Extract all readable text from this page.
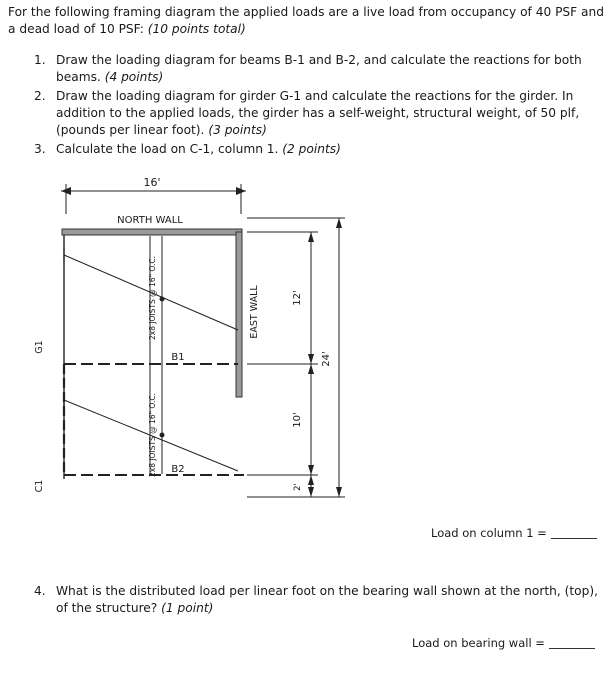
For the following framing diagram the applied loads are a live load from occupancy of 40 PSF and a dead load of 10 PSF: (10 points total)
1. Draw the loading diagram for beams B-1 and B-2, and calculate the reactions for both beams. (4 points)
2. Draw the loading diagram for girder G-1 and calculate the reactions for the girder. In addition to the applied loads, the girder has a self-weight, structural weight, of 50 plf, (pounds per linear foot). (3 points)
3. Calculate the load on C-1, column 1. (2 points)
16'
NORTH WALL
EAST WALL
2x8 JOISTS @ 16" O.C.
2x8 JOISTS @ 16" O.C.
B1
B2
G1
C1
12'
10'
2'
24'
Load on column 1 =
4. What is the distributed load per linear foot on the bearing wall shown at the north, (top), of the structure? (1 point)
Load on bearing wall =
